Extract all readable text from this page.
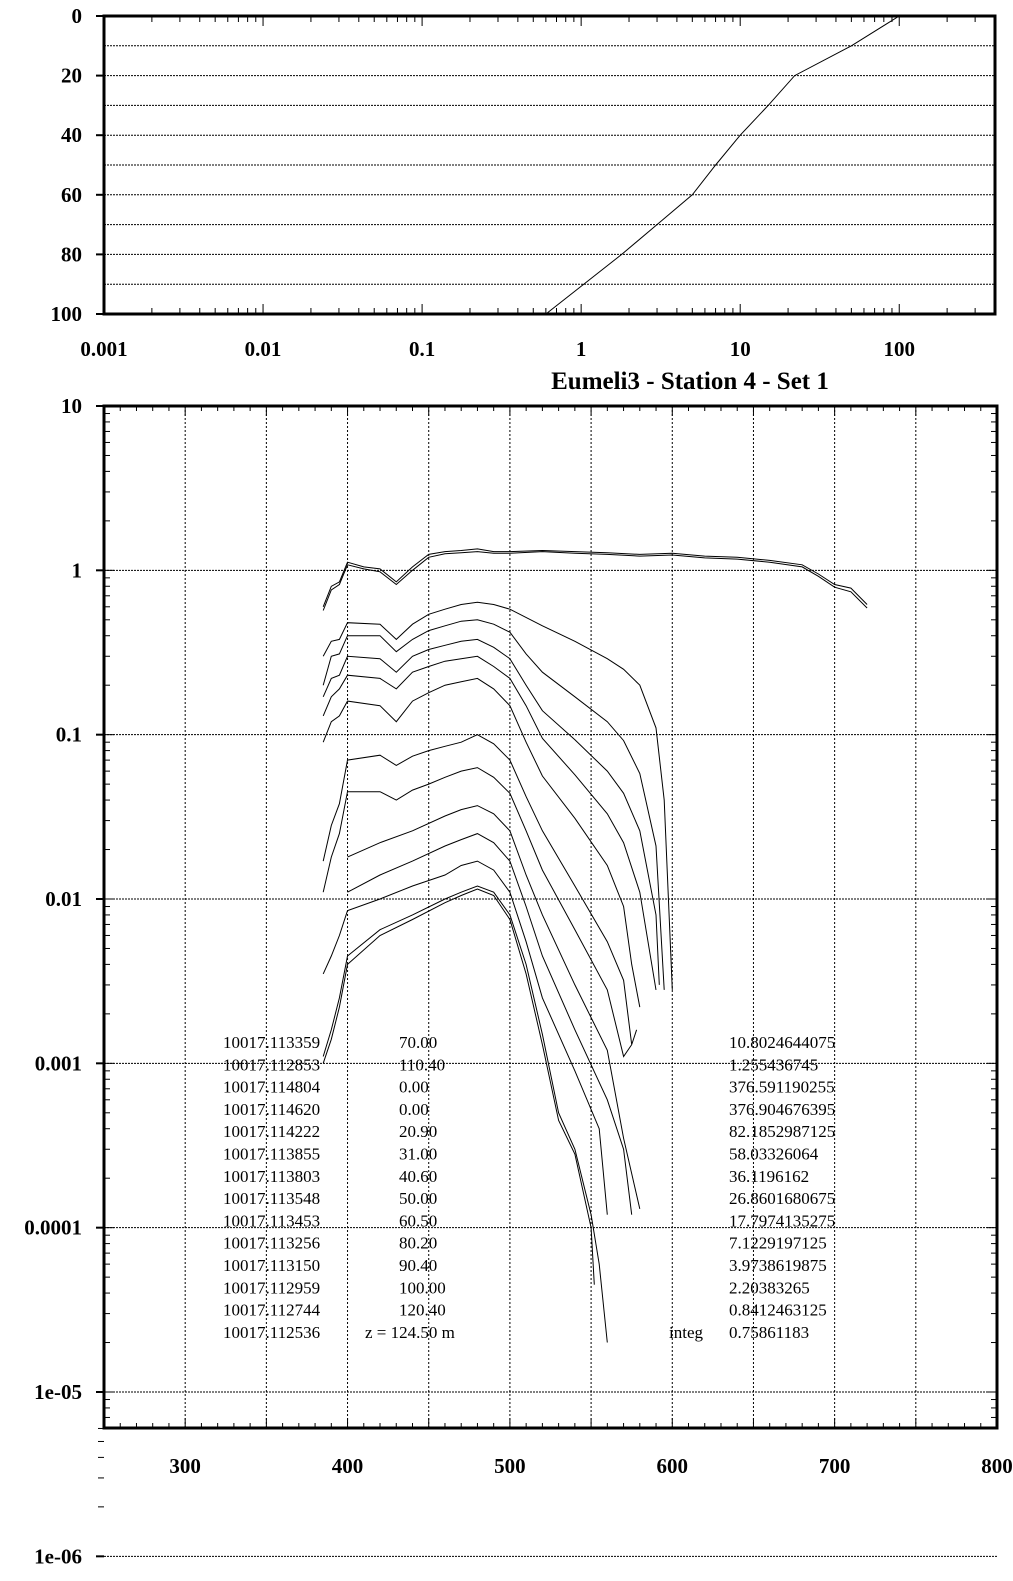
0
20
40
60
80
100
0.001	0.01	0.1	1	10	100
Eumeli3 - Station 4 - Set 1
10
1
0.1
0.01
0.001
0.0001
1e-05
1e-06
300	400	500	600	700	800
10017.113359	70.00	10.8024644075
10017.112853	110.40	1.255436745
10017.114804	0.00	376.591190255
10017.114620	0.00	376.904676395
10017.114222	20.90	82.1852987125
10017.113855	31.00	58.03326064
10017.113803	40.60	36.1196162
10017.113548	50.00	26.8601680675
10017.113453	60.50	17.7974135275
10017.113256	80.20	7.1229197125
10017.113150	90.40	3.9738619875
10017.112959	100.00	2.20383265
10017.112744	120.40	0.8412463125
10017.112536	z = 124.50 m	integ 0.75861183
